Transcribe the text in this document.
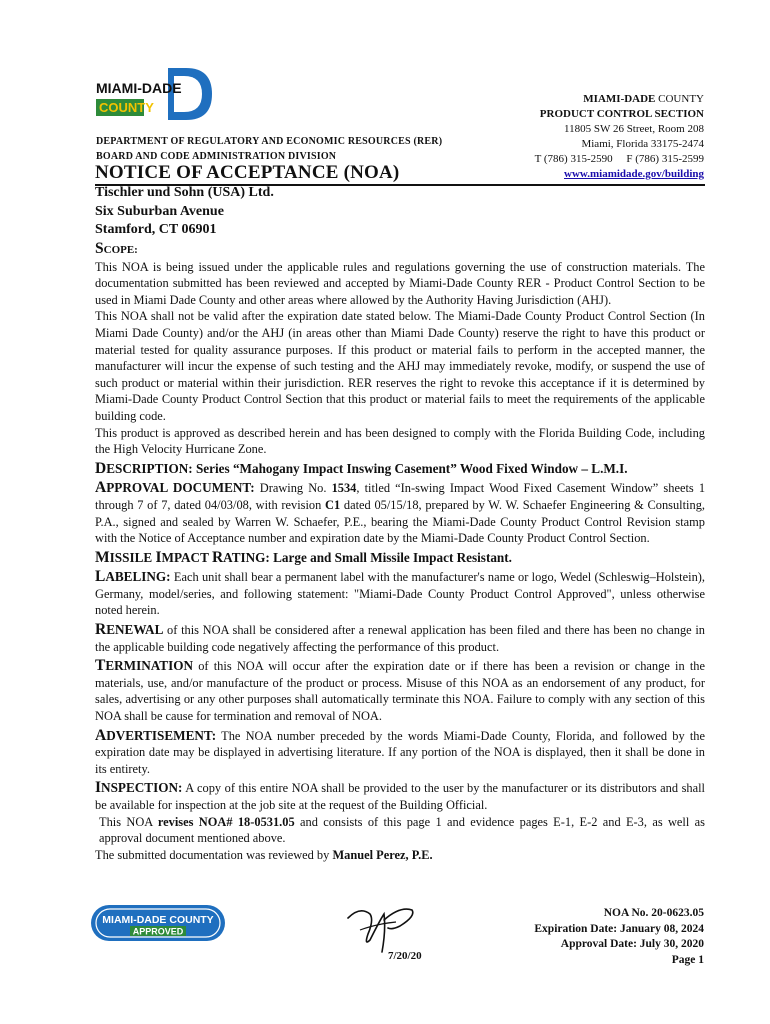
MIAMI-DADE
COUNTY
DEPARTMENT OF REGULATORY AND ECONOMIC RESOURCES (RER)
BOARD AND CODE ADMINISTRATION DIVISION
NOTICE OF ACCEPTANCE (NOA)
MIAMI-DADE COUNTY
PRODUCT CONTROL SECTION
11805 SW 26 Street, Room 208
Miami, Florida 33175-2474
T (786) 315-2590     F (786) 315-2599
www.miamidade.gov/building
Tischler und Sohn (USA) Ltd.
Six Suburban Avenue
Stamford, CT 06901

SCOPE:

This NOA is being issued under the applicable rules and regulations governing the use of construction materials. The documentation submitted has been reviewed and accepted by Miami-Dade County RER - Product Control Section to be used in Miami Dade County and other areas where allowed by the Authority Having Jurisdiction (AHJ).

This NOA shall not be valid after the expiration date stated below. The Miami-Dade County Product Control Section (In Miami Dade County) and/or the AHJ (in areas other than Miami Dade County) reserve the right to have this product or material tested for quality assurance purposes. If this product or material fails to perform in the accepted manner, the manufacturer will incur the expense of such testing and the AHJ may immediately revoke, modify, or suspend the use of such product or material within their jurisdiction. RER reserves the right to revoke this acceptance if it is determined by Miami-Dade County Product Control Section that this product or material fails to meet the requirements of the applicable building code.

This product is approved as described herein and has been designed to comply with the Florida Building Code, including the High Velocity Hurricane Zone.

DESCRIPTION: Series “Mahogany Impact Inswing Casement” Wood Fixed Window – L.M.I.

APPROVAL DOCUMENT: Drawing No. 1534, titled “In-swing Impact Wood Fixed Casement Window” sheets 1 through 7 of 7, dated 04/03/08, with revision C1 dated 05/15/18, prepared by W. W. Schaefer Engineering & Consulting, P.A., signed and sealed by Warren W. Schaefer, P.E., bearing the Miami-Dade County Product Control Revision stamp with the Notice of Acceptance number and expiration date by the Miami-Dade County Product Control Section.

MISSILE IMPACT RATING: Large and Small Missile Impact Resistant.

LABELING: Each unit shall bear a permanent label with the manufacturer's name or logo, Wedel (Schleswig–Holstein), Germany, model/series, and following statement: "Miami-Dade County Product Control Approved", unless otherwise noted herein.

RENEWAL of this NOA shall be considered after a renewal application has been filed and there has been no change in the applicable building code negatively affecting the performance of this product.

TERMINATION of this NOA will occur after the expiration date or if there has been a revision or change in the materials, use, and/or manufacture of the product or process. Misuse of this NOA as an endorsement of any product, for sales, advertising or any other purposes shall automatically terminate this NOA. Failure to comply with any section of this NOA shall be cause for termination and removal of NOA.

ADVERTISEMENT: The NOA number preceded by the words Miami-Dade County, Florida, and followed by the expiration date may be displayed in advertising literature. If any portion of the NOA is displayed, then it shall be done in its entirety.

INSPECTION: A copy of this entire NOA shall be provided to the user by the manufacturer or its distributors and shall be available for inspection at the job site at the request of the Building Official.

This NOA revises NOA# 18-0531.05 and consists of this page 1 and evidence pages E-1, E-2 and E-3, as well as approval document mentioned above.

The submitted documentation was reviewed by Manuel Perez, P.E.

MIAMI-DADE COUNTY
APPROVED
7/20/20
NOA No. 20-0623.05
Expiration Date: January 08, 2024
Approval Date: July 30, 2020
Page 1
